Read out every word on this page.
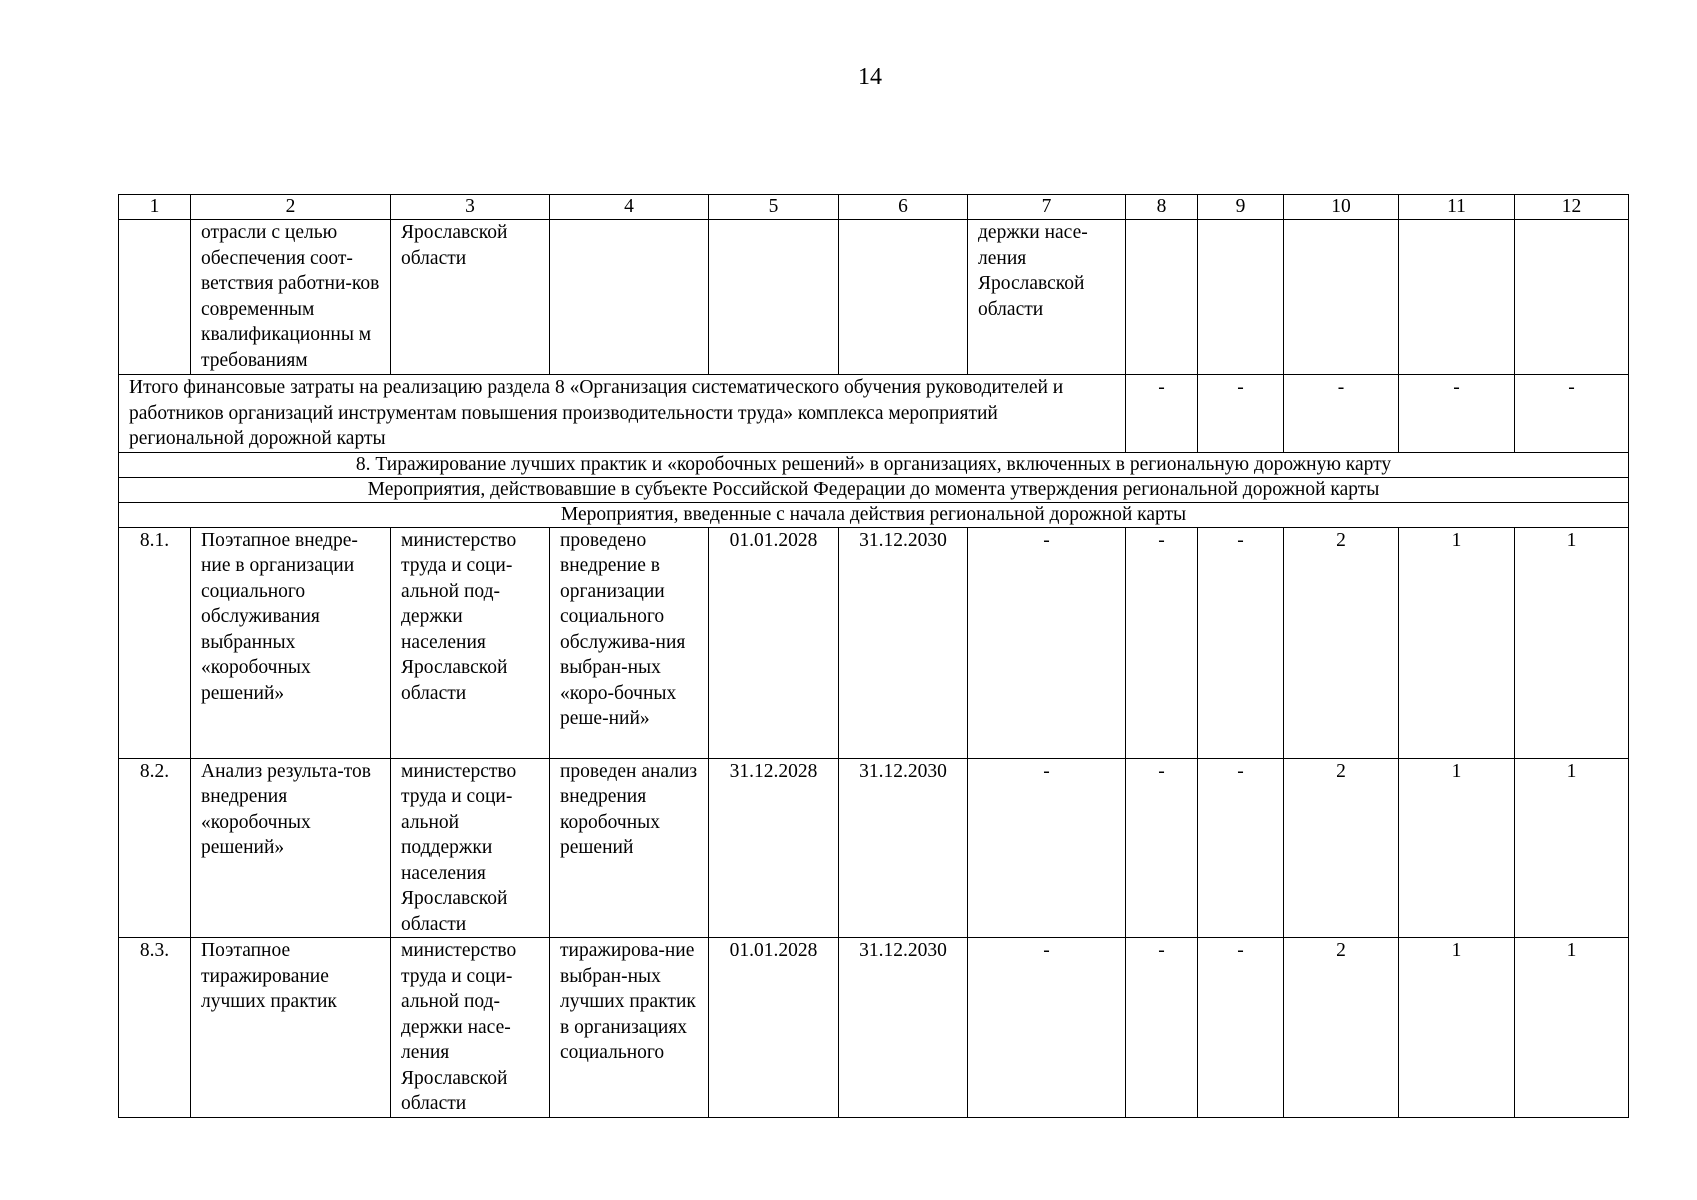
14
1	2	3	4	5	6	7	8	9	10	11	12
	отрасли с целью обеспечения соот-ветствия работни-ков современным квалификационны м требованиям	Ярославской области				держки насе-ления Ярославской области					
Итого финансовые затраты на реализацию раздела 8 «Организация систематического обучения руководителей и работников организаций инструментам повышения производительности труда» комплекса мероприятий региональной дорожной карты							-	-	-	-	-
8. Тиражирование лучших практик и «коробочных решений» в организациях, включенных в региональную дорожную карту											
Мероприятия, действовавшие в субъекте Российской Федерации до момента утверждения региональной дорожной карты											
Мероприятия, введенные с начала действия региональной дорожной карты											
8.1.	Поэтапное внедре-ние в организации социального обслуживания выбранных «коробочных решений»	министерство труда и соци-альной под-держки населения Ярославской области	проведено внедрение в организации социального обслужива-ния выбран-ных «коро-бочных реше-ний»	01.01.2028	31.12.2030	-	-	-	2	1	1
8.2.	Анализ результа-тов внедрения «коробочных решений»	министерство труда и соци-альной поддержки населения Ярославской области	проведен анализ внедрения коробочных решений	31.12.2028	31.12.2030	-	-	-	2	1	1
8.3.	Поэтапное тиражирование лучших практик	министерство труда и соци-альной под-держки насе-ления Ярославской области	тиражирова-ние выбран-ных лучших практик в организациях социального	01.01.2028	31.12.2030	-	-	-	2	1	1
